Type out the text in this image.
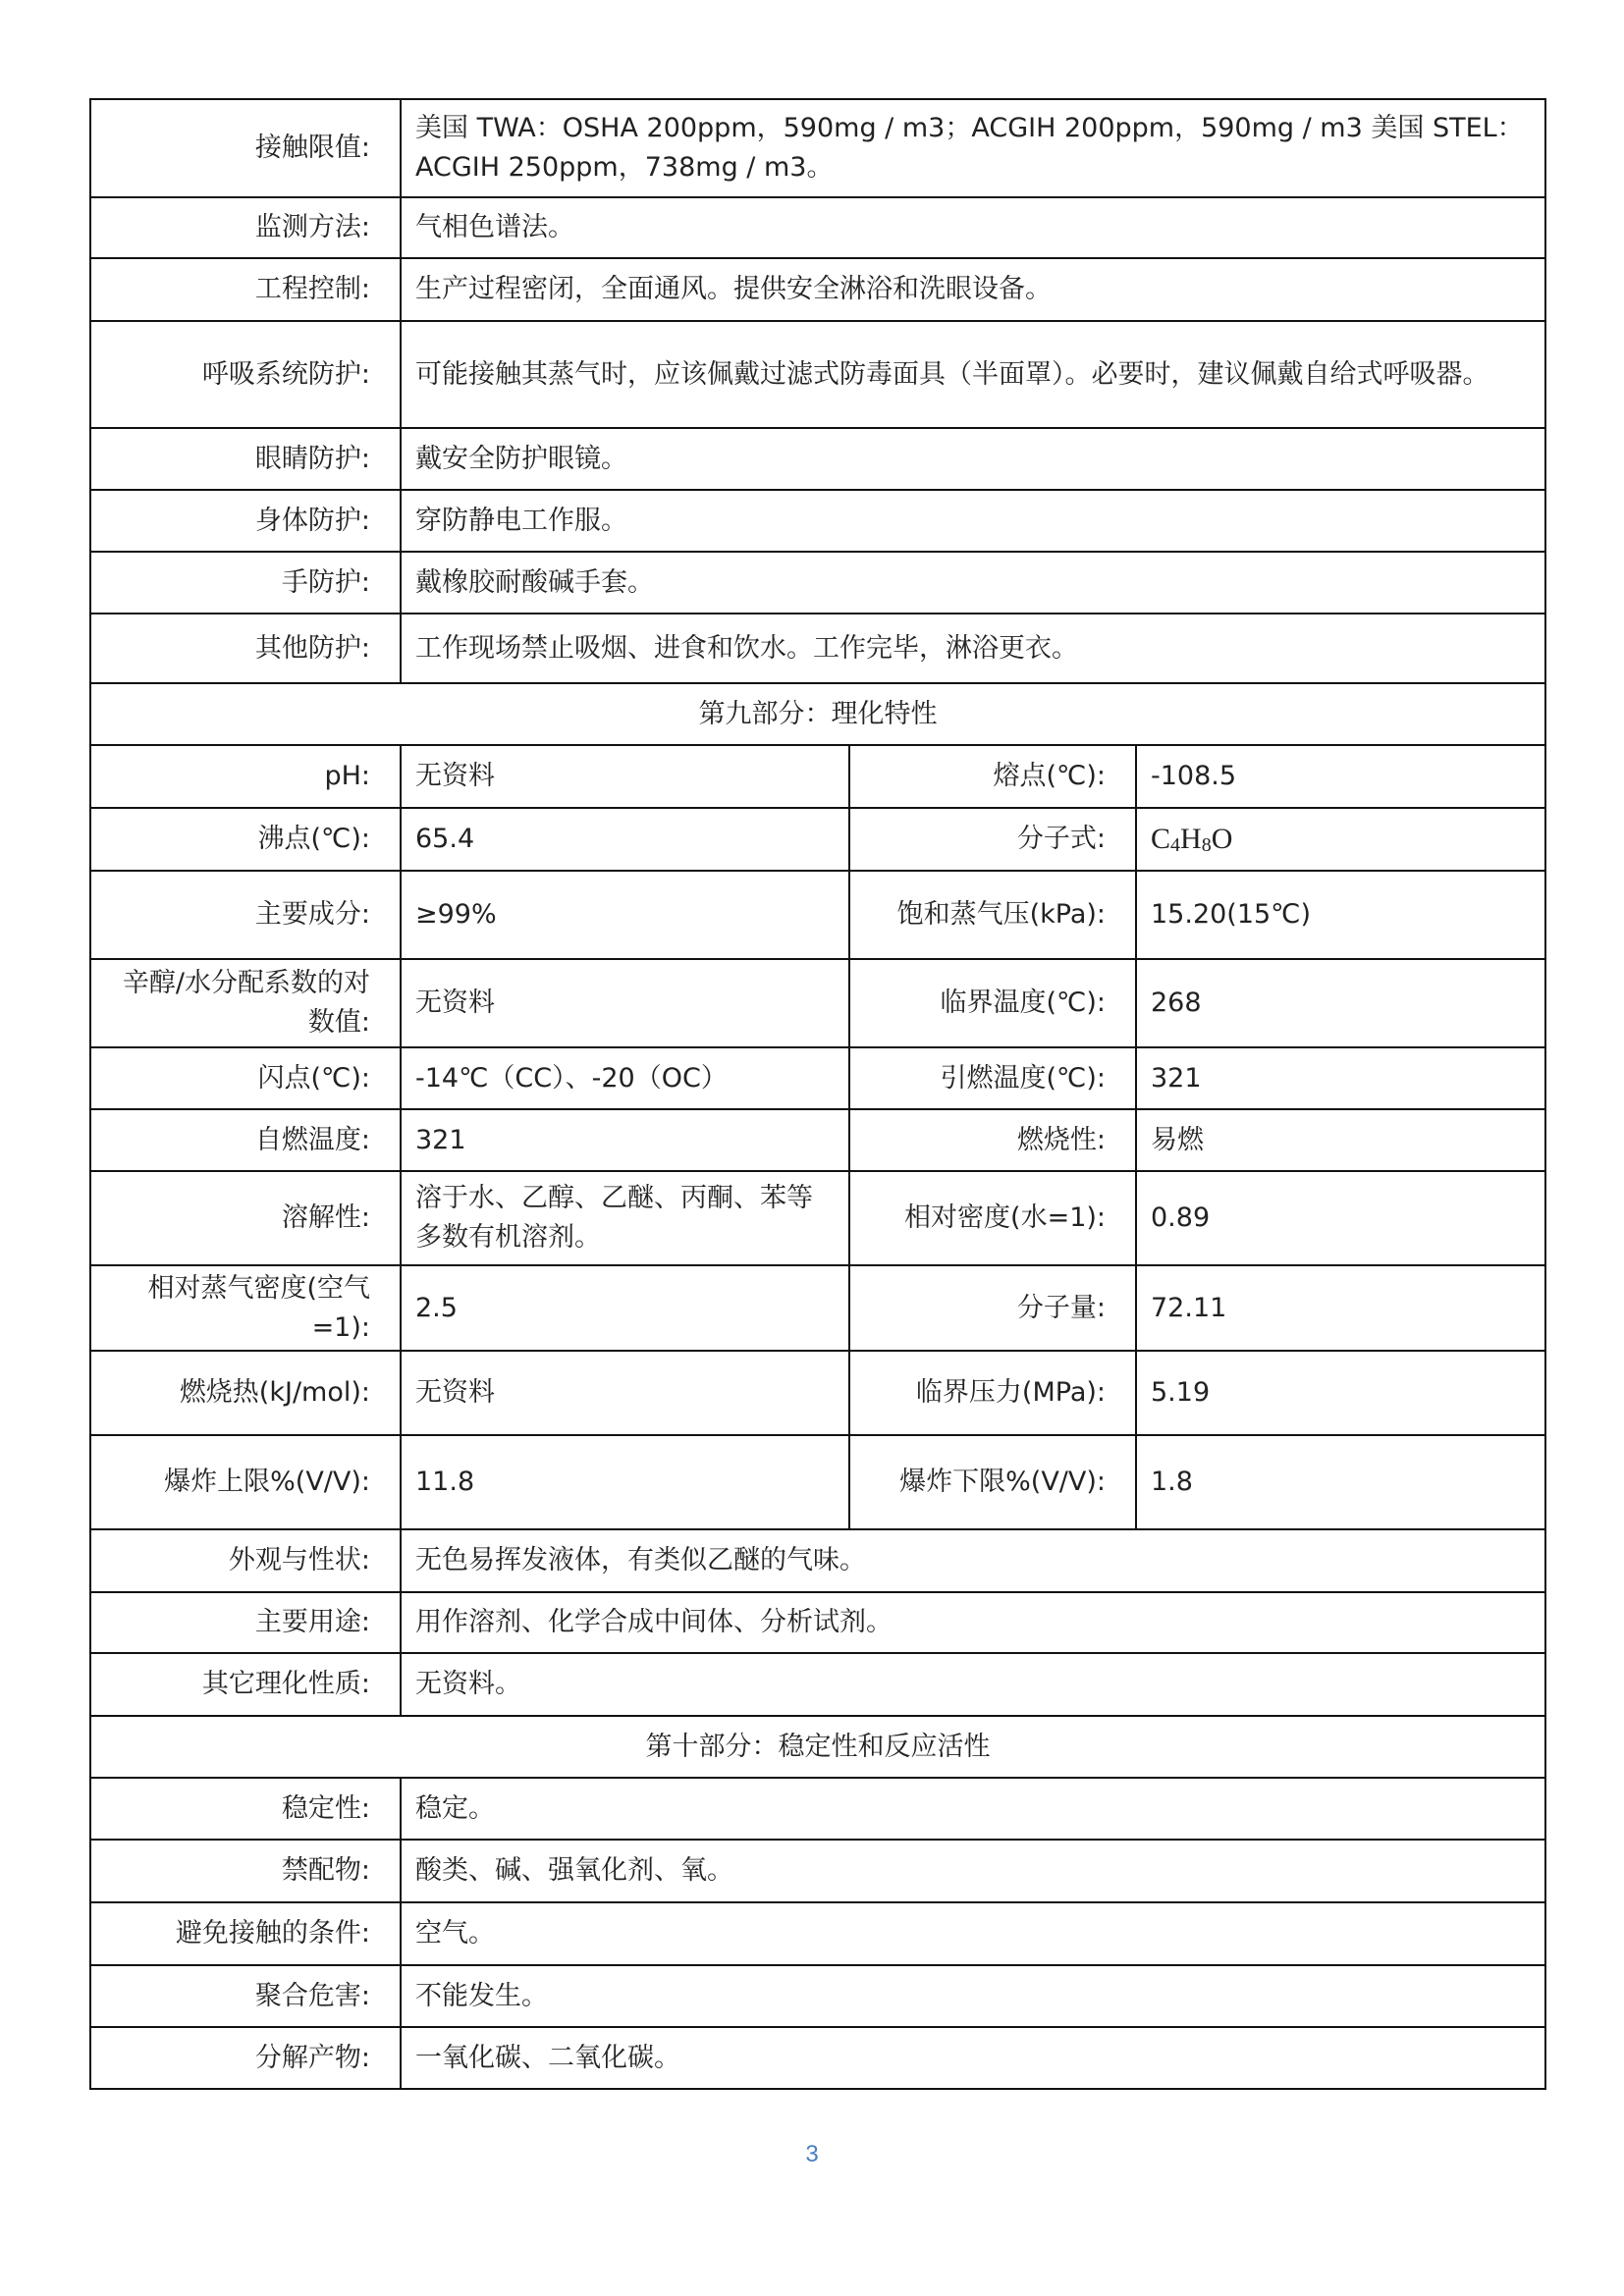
接触限值:	美国 TWA：OSHA 200ppm，590mg / m3；ACGIH 200ppm，590mg / m3 美国 STEL：ACGIH 250ppm，738mg / m3。		
监测方法:	气相色谱法。		
工程控制:	生产过程密闭，全面通风。提供安全淋浴和洗眼设备。		
呼吸系统防护:	可能接触其蒸气时，应该佩戴过滤式防毒面具（半面罩）。必要时，建议佩戴自给式呼吸器。		
眼睛防护:	戴安全防护眼镜。		
身体防护:	穿防静电工作服。		
手防护:	戴橡胶耐酸碱手套。		
其他防护:	工作现场禁止吸烟、进食和饮水。工作完毕，淋浴更衣。		
第九部分：理化特性			
pH:	无资料	熔点(℃):	-108.5
沸点(℃):	65.4	分子式:	$C_4H_8O$
主要成分:	≥99%	饱和蒸气压(kPa):	15.20(15℃)
辛醇/水分配系数的对数值:	无资料	临界温度(℃):	268
闪点(℃):	-14℃（CC）、-20（OC）	引燃温度(℃):	321
自燃温度:	321	燃烧性:	易燃
溶解性:	溶于水、乙醇、乙醚、丙酮、苯等多数有机溶剂。	相对密度(水=1):	0.89
相对蒸气密度(空气=1):	2.5	分子量:	72.11
燃烧热(kJ/mol):	无资料	临界压力(MPa):	5.19
爆炸上限%(V/V):	11.8	爆炸下限%(V/V):	1.8
外观与性状:	无色易挥发液体，有类似乙醚的气味。		
主要用途:	用作溶剂、化学合成中间体、分析试剂。		
其它理化性质:	无资料。		
第十部分：稳定性和反应活性			
稳定性:	稳定。		
禁配物:	酸类、碱、强氧化剂、氧。		
避免接触的条件:	空气。		
聚合危害:	不能发生。		
分解产物:	一氧化碳、二氧化碳。		
3
